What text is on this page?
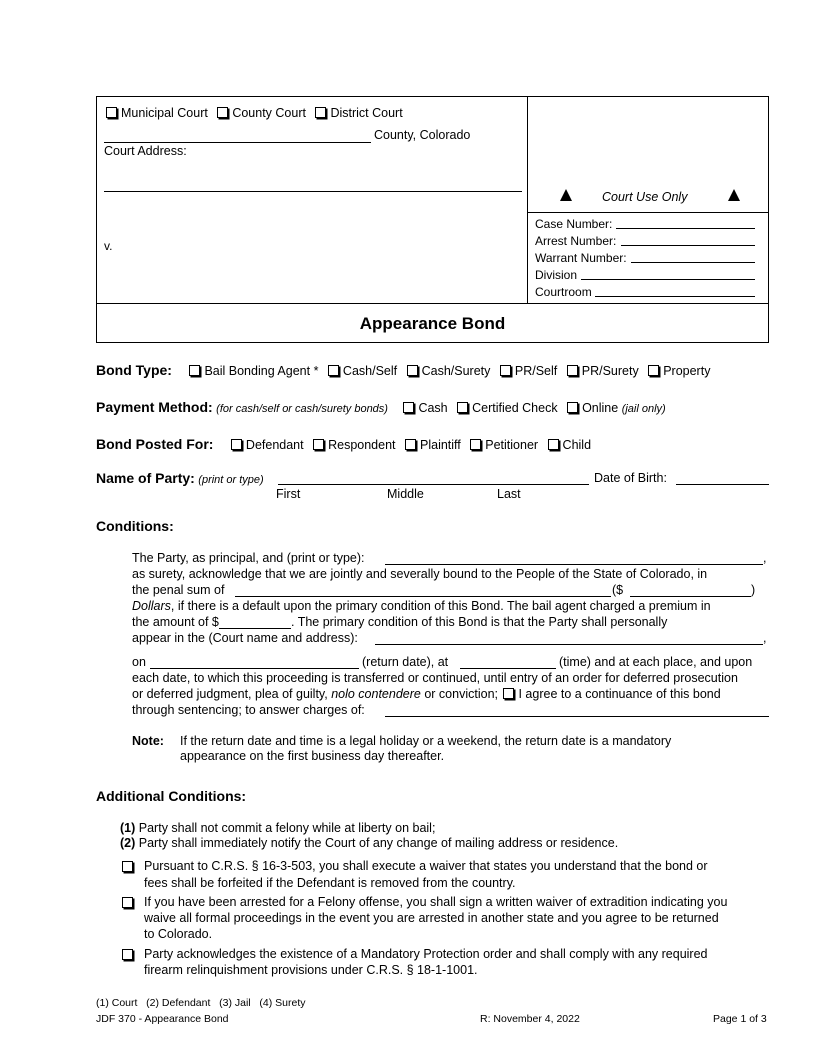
Municipal Court County Court District Court
County, Colorado
Court Address:
v.
Court Use Only
Case Number:
Arrest Number:
Warrant Number:
Division
Courtroom
Appearance Bond
Bond Type:	Bail Bonding Agent * Cash/Self Cash/Surety PR/Self PR/Surety Property
Payment Method: (for cash/self or cash/surety bonds) Cash Certified Check Online (jail only)
Bond Posted For:	Defendant Respondent Plaintiff Petitioner Child
Name of Party: (print or type)	Date of Birth:
First	Middle	Last
Conditions:
The Party, as principal, and (print or type):	,
as surety, acknowledge that we are jointly and severally bound to the People of the State of Colorado, in
the penal sum of	($	)
Dollars, if there is a default upon the primary condition of this Bond. The bail agent charged a premium in
the amount of $	. The primary condition of this Bond is that the Party shall personally
appear in the (Court name and address):	,
on	(return date), at	(time) and at each place, and upon
each date, to which this proceeding is transferred or continued, until entry of an order for deferred prosecution
or deferred judgment, plea of guilty, nolo contendere or conviction; I agree to a continuance of this bond
through sentencing; to answer charges of:
Note: If the return date and time is a legal holiday or a weekend, the return date is a mandatory
appearance on the first business day thereafter.
Additional Conditions:
(1) Party shall not commit a felony while at liberty on bail;
(2) Party shall immediately notify the Court of any change of mailing address or residence.
Pursuant to C.R.S. § 16-3-503, you shall execute a waiver that states you understand that the bond or
fees shall be forfeited if the Defendant is removed from the country.
If you have been arrested for a Felony offense, you shall sign a written waiver of extradition indicating you
waive all formal proceedings in the event you are arrested in another state and you agree to be returned
to Colorado.
Party acknowledges the existence of a Mandatory Protection order and shall comply with any required
firearm relinquishment provisions under C.R.S. § 18-1-1001.
(1) Court   (2) Defendant   (3) Jail   (4) Surety
JDF 370 - Appearance Bond	R: November 4, 2022	Page 1 of 3
